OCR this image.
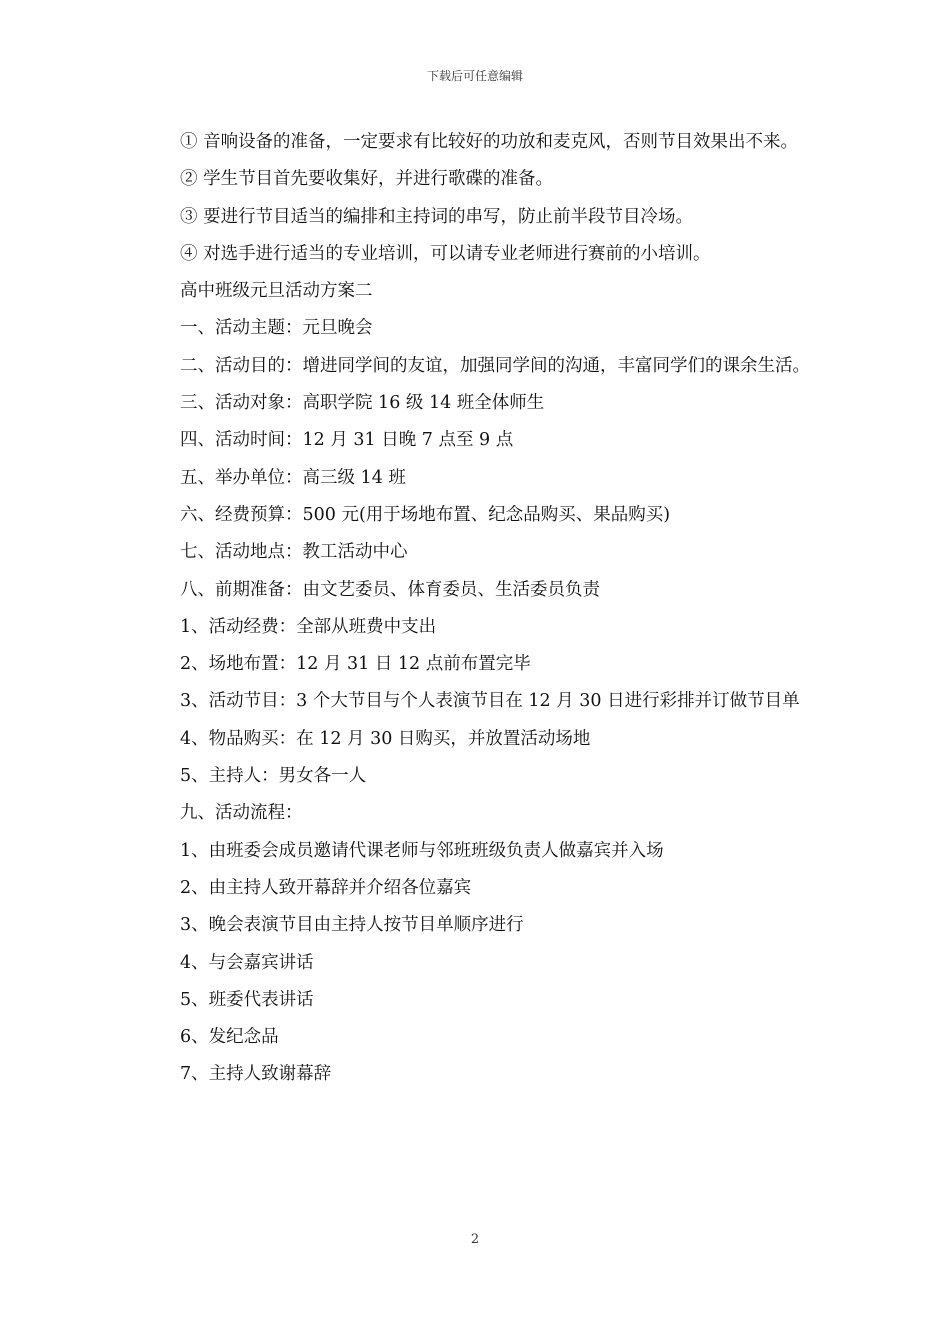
下载后可任意编辑

① 音响设备的准备，一定要求有比较好的功放和麦克风，否则节目效果出不来。

② 学生节目首先要收集好，并进行歌碟的准备。

③ 要进行节目适当的编排和主持词的串写，防止前半段节目冷场。

④ 对选手进行适当的专业培训，可以请专业老师进行赛前的小培训。

高中班级元旦活动方案二

一、活动主题：元旦晚会

二、活动目的：增进同学间的友谊，加强同学间的沟通，丰富同学们的课余生活。

三、活动对象：高职学院 16 级 14 班全体师生

四、活动时间：12 月 31 日晚 7 点至 9 点

五、举办单位：高三级 14 班

六、经费预算：500 元(用于场地布置、纪念品购买、果品购买)

七、活动地点：教工活动中心

八、前期准备：由文艺委员、体育委员、生活委员负责

1、活动经费：全部从班费中支出

2、场地布置：12 月 31 日 12 点前布置完毕

3、活动节目：3 个大节目与个人表演节目在 12 月 30 日进行彩排并订做节目单

4、物品购买：在 12 月 30 日购买，并放置活动场地

5、主持人：男女各一人

九、活动流程：

1、由班委会成员邀请代课老师与邻班班级负责人做嘉宾并入场

2、由主持人致开幕辞并介绍各位嘉宾

3、晚会表演节目由主持人按节目单顺序进行

4、与会嘉宾讲话

5、班委代表讲话

6、发纪念品

7、主持人致谢幕辞

2
